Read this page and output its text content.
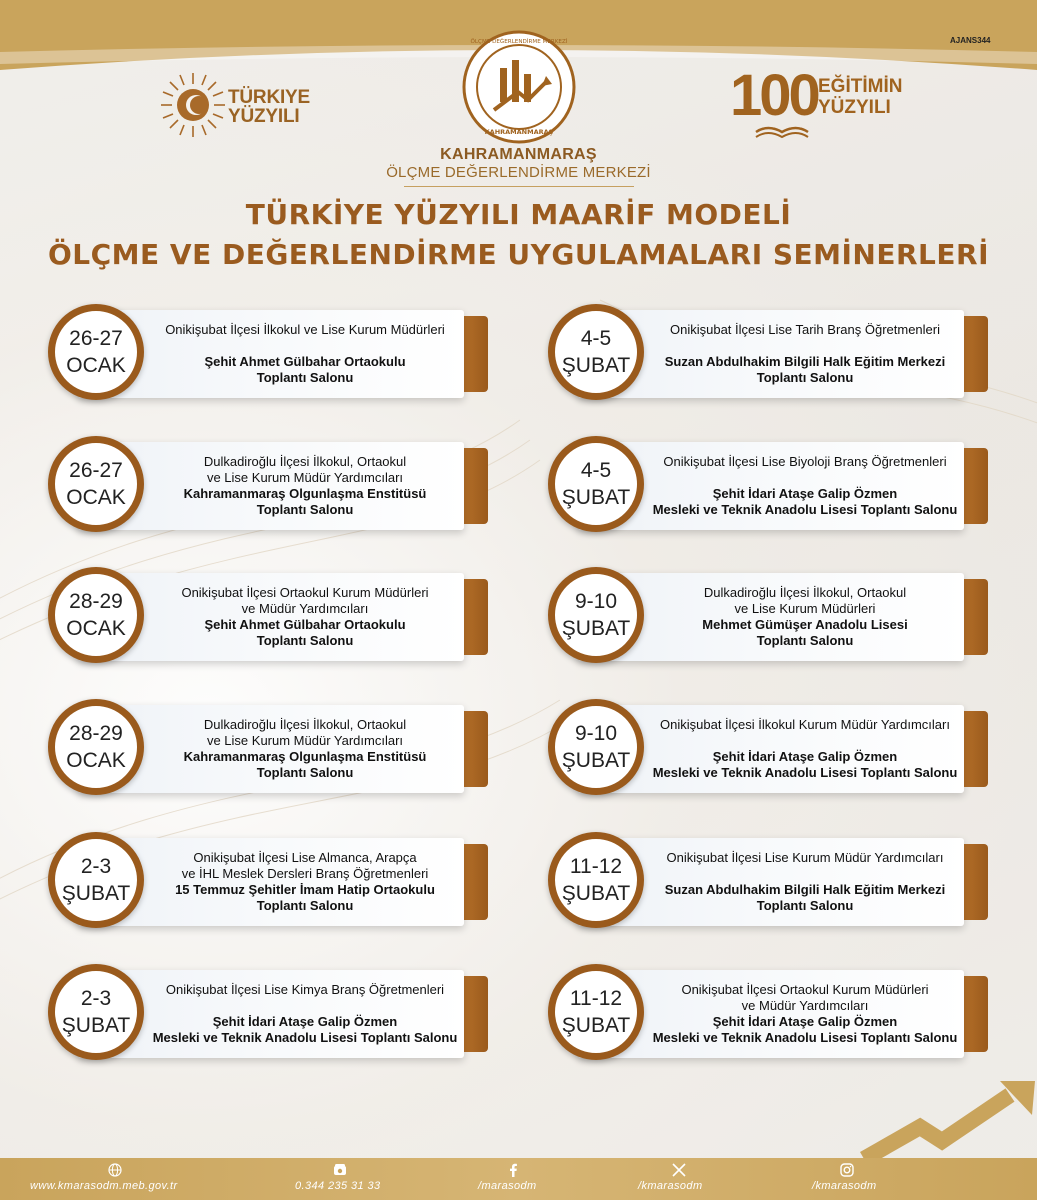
TÜRKIYE
YÜZYILI
KAHRAMANMARAŞ
ÖLÇME DEĞERLENDİRME MERKEZİ
KAHRAMANMARAŞ
ÖLÇME DEĞERLENDİRME MERKEZİ
AJANS344
100 EĞİTİMİN
YÜZYILI
TÜRKİYE YÜZYILI MAARİF MODELİ
ÖLÇME VE DEĞERLENDİRME UYGULAMALARI SEMİNERLERİ
26-27
OCAK
Onikişubat İlçesi İlkokul ve Lise Kurum Müdürleri
Şehit Ahmet Gülbahar Ortaokulu
Toplantı Salonu
4-5
ŞUBAT
Onikişubat İlçesi Lise Tarih Branş Öğretmenleri
Suzan Abdulhakim Bilgili Halk Eğitim Merkezi
Toplantı Salonu
26-27
OCAK
Dulkadiroğlu İlçesi İlkokul, Ortaokul
ve Lise Kurum Müdür Yardımcıları
Kahramanmaraş Olgunlaşma Enstitüsü
Toplantı Salonu
4-5
ŞUBAT
Onikişubat İlçesi Lise Biyoloji Branş Öğretmenleri
Şehit İdari Ataşe Galip Özmen
Mesleki ve Teknik Anadolu Lisesi Toplantı Salonu
28-29
OCAK
Onikişubat İlçesi Ortaokul Kurum Müdürleri
ve Müdür Yardımcıları
Şehit Ahmet Gülbahar Ortaokulu
Toplantı Salonu
9-10
ŞUBAT
Dulkadiroğlu İlçesi İlkokul, Ortaokul
ve Lise Kurum Müdürleri
Mehmet Gümüşer Anadolu Lisesi
Toplantı Salonu
28-29
OCAK
Dulkadiroğlu İlçesi İlkokul, Ortaokul
ve Lise Kurum Müdür Yardımcıları
Kahramanmaraş Olgunlaşma Enstitüsü
Toplantı Salonu
9-10
ŞUBAT
Onikişubat İlçesi İlkokul Kurum Müdür Yardımcıları
Şehit İdari Ataşe Galip Özmen
Mesleki ve Teknik Anadolu Lisesi Toplantı Salonu
2-3
ŞUBAT
Onikişubat İlçesi Lise Almanca, Arapça
ve İHL Meslek Dersleri Branş Öğretmenleri
15 Temmuz Şehitler İmam Hatip Ortaokulu
Toplantı Salonu
11-12
ŞUBAT
Onikişubat İlçesi Lise Kurum Müdür Yardımcıları
Suzan Abdulhakim Bilgili Halk Eğitim Merkezi
Toplantı Salonu
2-3
ŞUBAT
Onikişubat İlçesi Lise Kimya Branş Öğretmenleri
Şehit İdari Ataşe Galip Özmen
Mesleki ve Teknik Anadolu Lisesi Toplantı Salonu
11-12
ŞUBAT
Onikişubat İlçesi Ortaokul Kurum Müdürleri
ve Müdür Yardımcıları
Şehit İdari Ataşe Galip Özmen
Mesleki ve Teknik Anadolu Lisesi Toplantı Salonu
www.kmarasodm.meb.gov.tr	0.344 235 31 33	/marasodm	/kmarasodm	/kmarasodm
